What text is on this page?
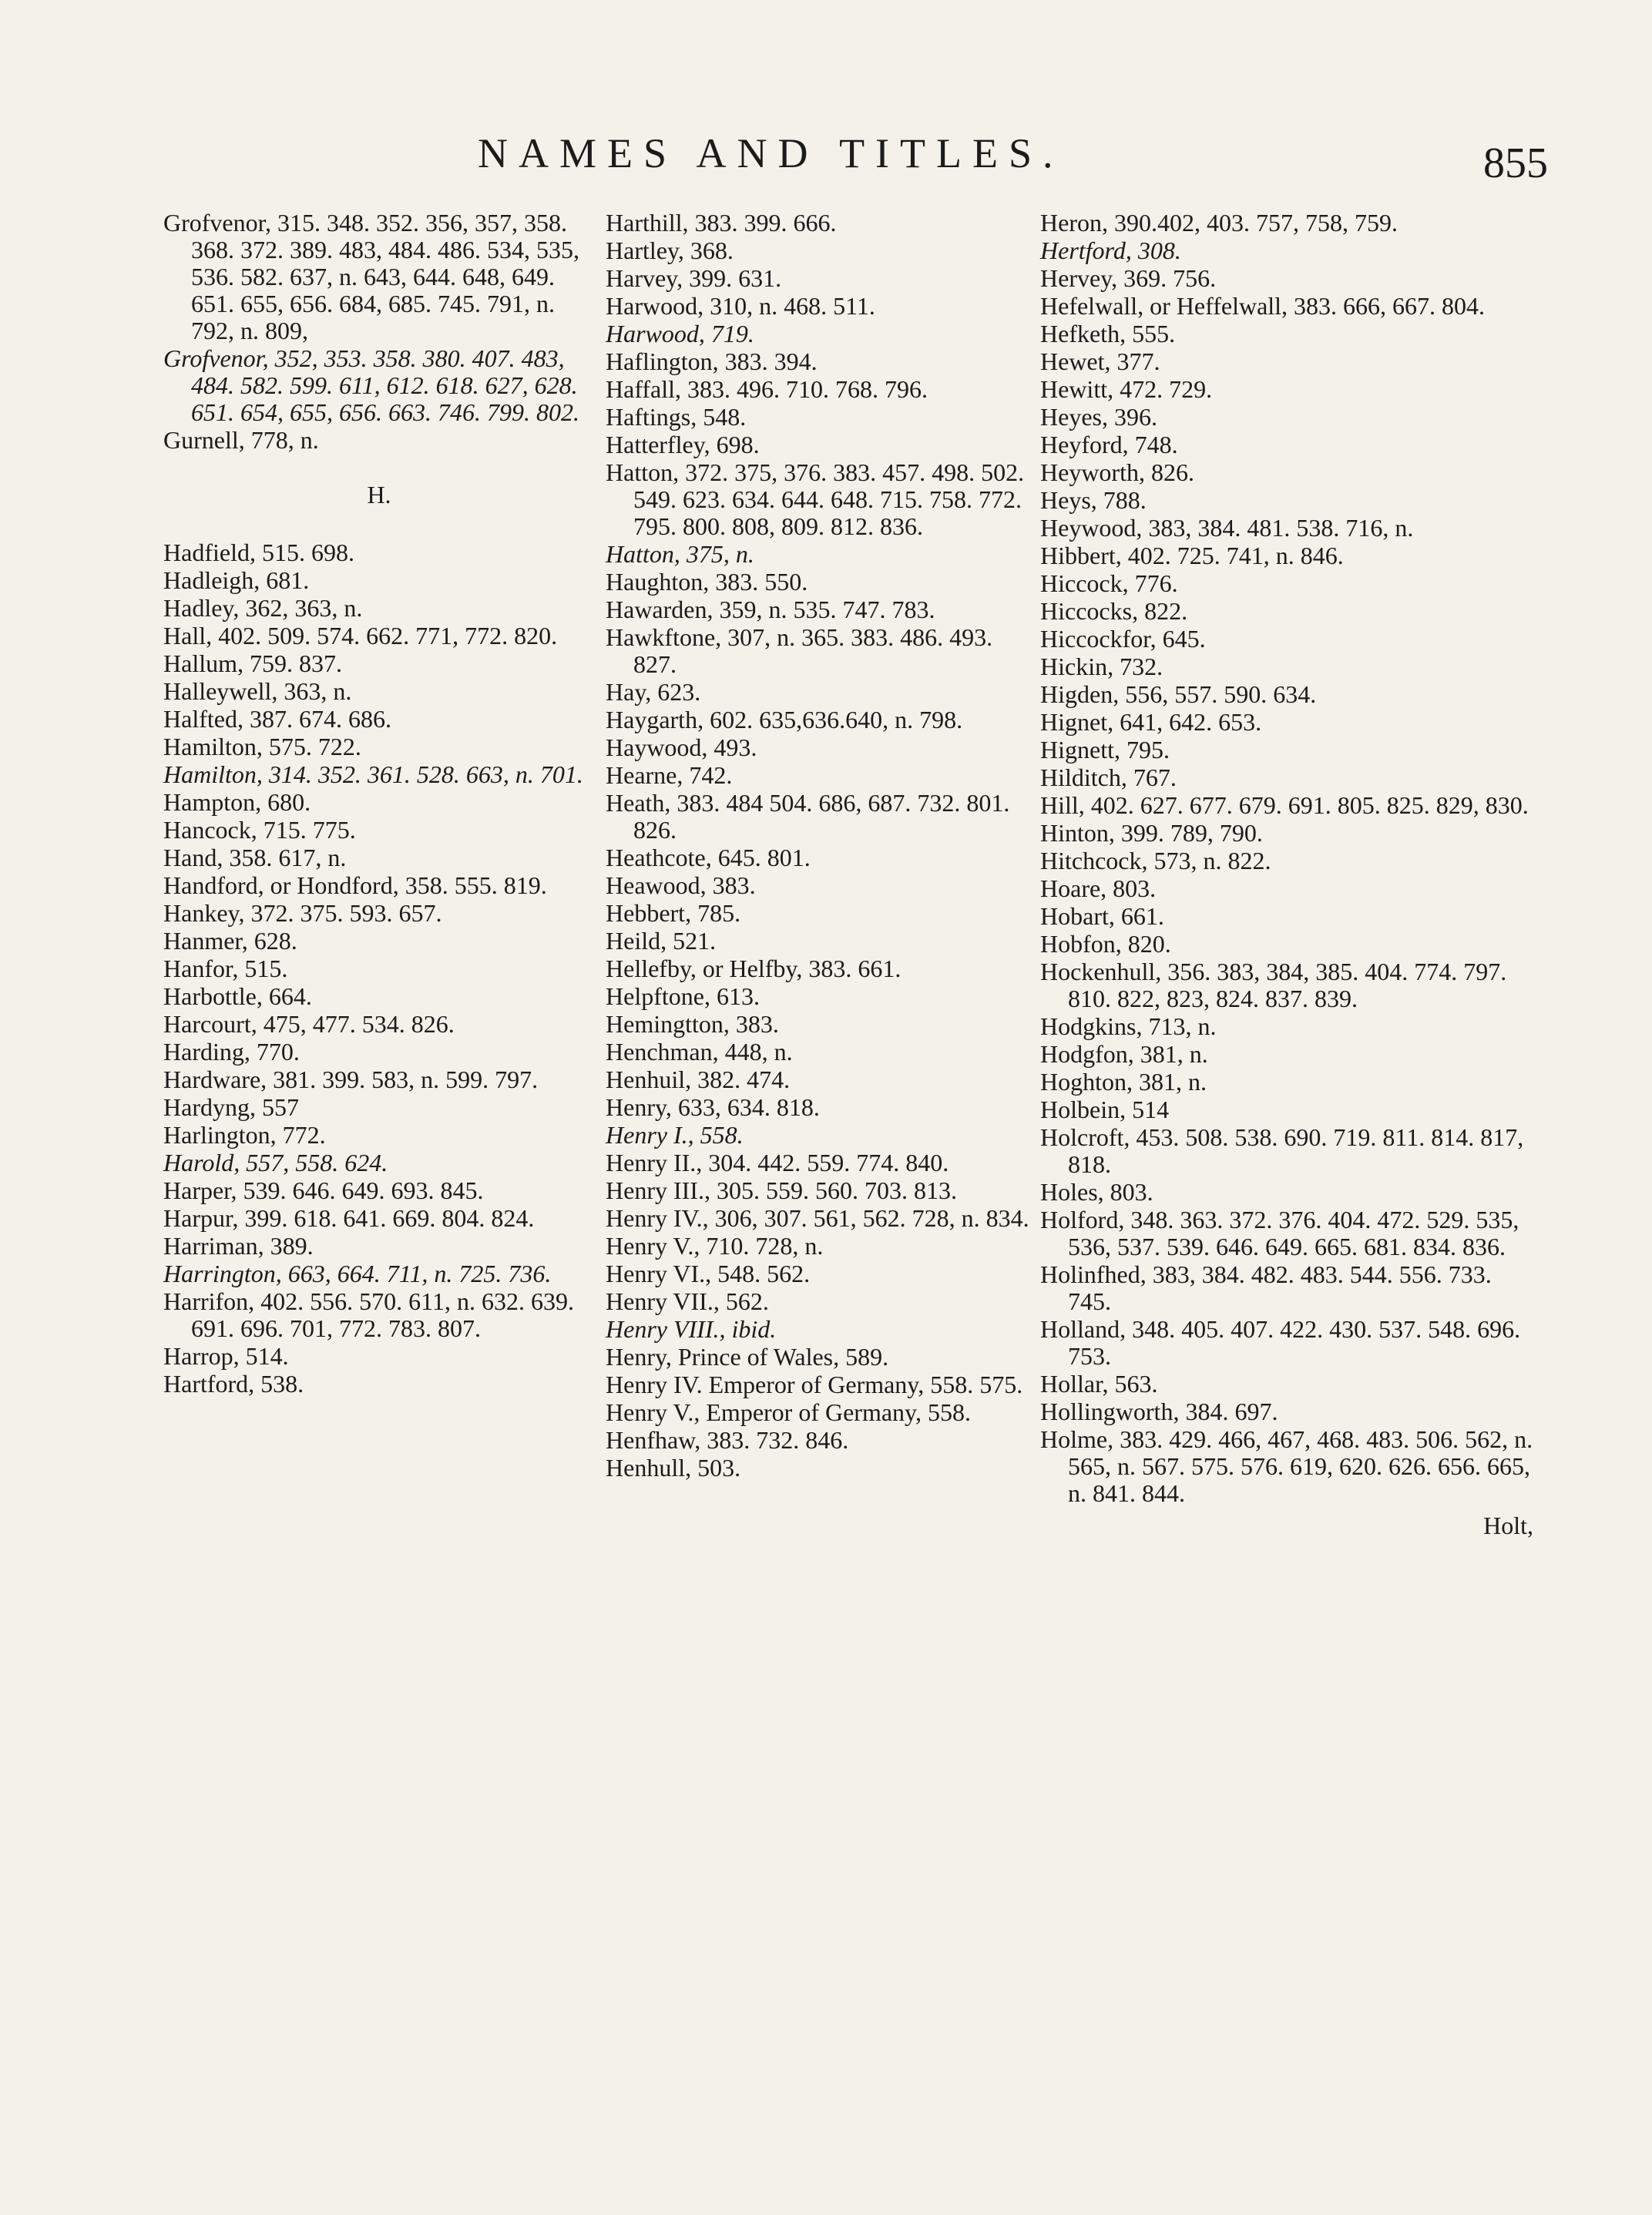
NAMES AND TITLES.	855
Grofvenor, 315. 348. 352. 356, 357, 358. 368. 372. 389. 483, 484. 486. 534, 535, 536. 582. 637, n. 643, 644. 648, 649. 651. 655, 656. 684, 685. 745. 791, n. 792, n. 809,
Grofvenor, 352, 353. 358. 380. 407. 483, 484. 582. 599. 611, 612. 618. 627, 628. 651. 654, 655, 656. 663. 746. 799. 802.
Gurnell, 778, n.
H.
Hadfield, 515. 698.
Hadleigh, 681.
Hadley, 362, 363, n.
Hall, 402. 509. 574. 662. 771, 772. 820.
Hallum, 759. 837.
Halleywell, 363, n.
Halfted, 387. 674. 686.
Hamilton, 575. 722.
Hamilton, 314. 352. 361. 528. 663, n. 701.
Hampton, 680.
Hancock, 715. 775.
Hand, 358. 617, n.
Handford, or Hondford, 358. 555. 819.
Hankey, 372. 375. 593. 657.
Hanmer, 628.
Hanfor, 515.
Harbottle, 664.
Harcourt, 475, 477. 534. 826.
Harding, 770.
Hardware, 381. 399. 583, n. 599. 797.
Hardyng, 557
Harlington, 772.
Harold, 557, 558. 624.
Harper, 539. 646. 649. 693. 845.
Harpur, 399. 618. 641. 669. 804. 824.
Harriman, 389.
Harrington, 663, 664. 711, n. 725. 736.
Harrifon, 402. 556. 570. 611, n. 632. 639. 691. 696. 701, 772. 783. 807.
Harrop, 514.
Hartford, 538.
Harthill, 383. 399. 666.
Hartley, 368.
Harvey, 399. 631.
Harwood, 310, n. 468. 511.
Harwood, 719.
Haflington, 383. 394.
Haffall, 383. 496. 710. 768. 796.
Haftings, 548.
Hatterfley, 698.
Hatton, 372. 375, 376. 383. 457. 498. 502. 549. 623. 634. 644. 648. 715. 758. 772. 795. 800. 808, 809. 812. 836.
Hatton, 375, n.
Haughton, 383. 550.
Hawarden, 359, n. 535. 747. 783.
Hawkftone, 307, n. 365. 383. 486. 493. 827.
Hay, 623.
Haygarth, 602. 635,636.640, n. 798.
Haywood, 493.
Hearne, 742.
Heath, 383. 484 504. 686, 687. 732. 801. 826.
Heathcote, 645. 801.
Heawood, 383.
Hebbert, 785.
Heild, 521.
Hellefby, or Helfby, 383. 661.
Helpftone, 613.
Hemingtton, 383.
Henchman, 448, n.
Henhuil, 382. 474.
Henry, 633, 634. 818.
Henry I., 558.
Henry II., 304. 442. 559. 774. 840.
Henry III., 305. 559. 560. 703. 813.
Henry IV., 306, 307. 561, 562. 728, n. 834.
Henry V., 710. 728, n.
Henry VI., 548. 562.
Henry VII., 562.
Henry VIII., ibid.
Henry, Prince of Wales, 589.
Henry IV. Emperor of Germany, 558. 575.
Henry V., Emperor of Germany, 558.
Henfhaw, 383. 732. 846.
Henhull, 503.
Heron, 390.402, 403. 757, 758, 759.
Hertford, 308.
Hervey, 369. 756.
Hefelwall, or Heffelwall, 383. 666, 667. 804.
Hefketh, 555.
Hewet, 377.
Hewitt, 472. 729.
Heyes, 396.
Heyford, 748.
Heyworth, 826.
Heys, 788.
Heywood, 383, 384. 481. 538. 716, n.
Hibbert, 402. 725. 741, n. 846.
Hiccock, 776.
Hiccocks, 822.
Hiccockfor, 645.
Hickin, 732.
Higden, 556, 557. 590. 634.
Hignet, 641, 642. 653.
Hignett, 795.
Hilditch, 767.
Hill, 402. 627. 677. 679. 691. 805. 825. 829, 830.
Hinton, 399. 789, 790.
Hitchcock, 573, n. 822.
Hoare, 803.
Hobart, 661.
Hobfon, 820.
Hockenhull, 356. 383, 384, 385. 404. 774. 797. 810. 822, 823, 824. 837. 839.
Hodgkins, 713, n.
Hodgfon, 381, n.
Hoghton, 381, n.
Holbein, 514
Holcroft, 453. 508. 538. 690. 719. 811. 814. 817, 818.
Holes, 803.
Holford, 348. 363. 372. 376. 404. 472. 529. 535, 536, 537. 539. 646. 649. 665. 681. 834. 836.
Holinfhed, 383, 384. 482. 483. 544. 556. 733. 745.
Holland, 348. 405. 407. 422. 430. 537. 548. 696. 753.
Hollar, 563.
Hollingworth, 384. 697.
Holme, 383. 429. 466, 467, 468. 483. 506. 562, n. 565, n. 567. 575. 576. 619, 620. 626. 656. 665, n. 841. 844.
Holt,
